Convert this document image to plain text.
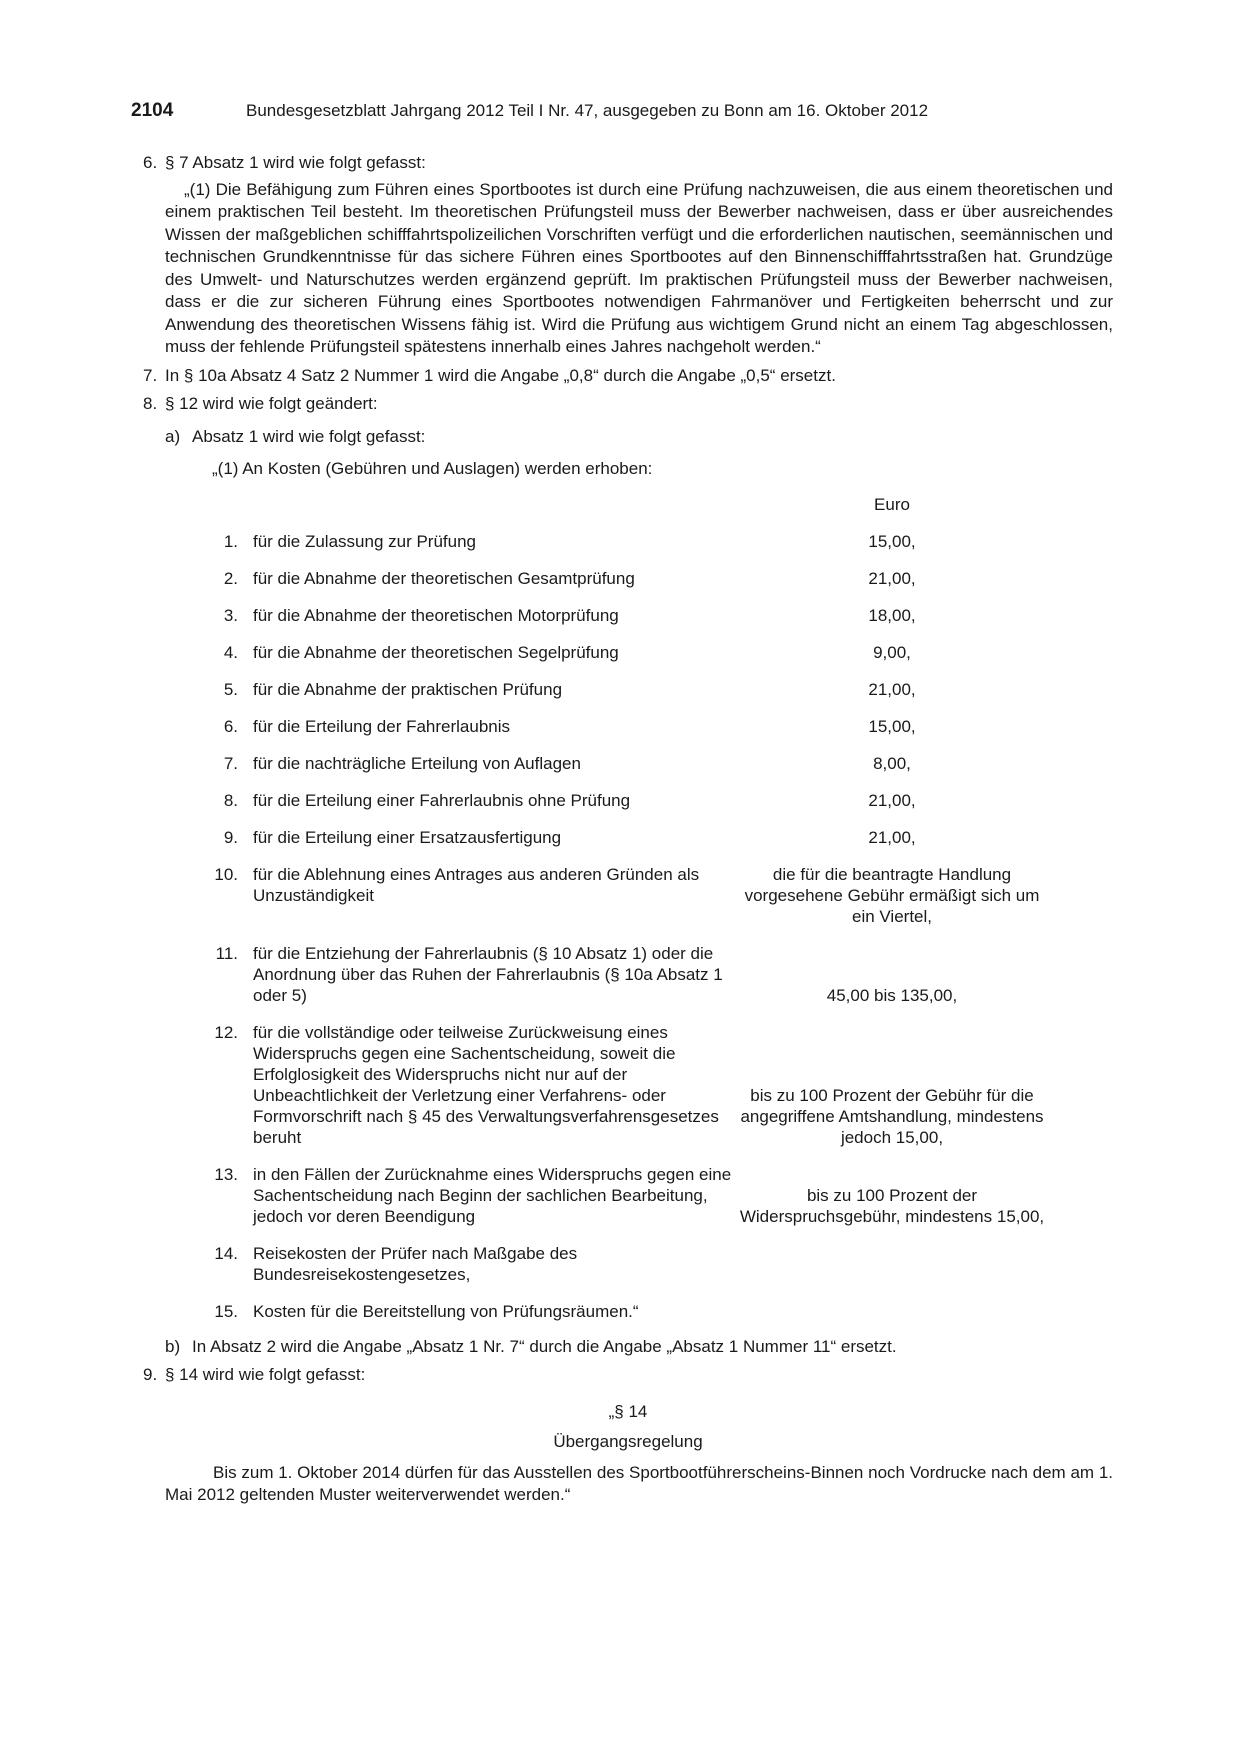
2104	Bundesgesetzblatt Jahrgang 2012 Teil I Nr. 47, ausgegeben zu Bonn am 16. Oktober 2012
6. § 7 Absatz 1 wird wie folgt gefasst:
„(1) Die Befähigung zum Führen eines Sportbootes ist durch eine Prüfung nachzuweisen, die aus einem theoretischen und einem praktischen Teil besteht. Im theoretischen Prüfungsteil muss der Bewerber nachweisen, dass er über ausreichendes Wissen der maßgeblichen schifffahrtspolizeilichen Vorschriften verfügt und die erforderlichen nautischen, seemännischen und technischen Grundkenntnisse für das sichere Führen eines Sportbootes auf den Binnenschifffahrtsstraßen hat. Grundzüge des Umwelt- und Naturschutzes werden ergänzend geprüft. Im praktischen Prüfungsteil muss der Bewerber nachweisen, dass er die zur sicheren Führung eines Sportbootes notwendigen Fahrmanöver und Fertigkeiten beherrscht und zur Anwendung des theoretischen Wissens fähig ist. Wird die Prüfung aus wichtigem Grund nicht an einem Tag abgeschlossen, muss der fehlende Prüfungsteil spätestens innerhalb eines Jahres nachgeholt werden.“
7. In § 10a Absatz 4 Satz 2 Nummer 1 wird die Angabe „0,8“ durch die Angabe „0,5“ ersetzt.
8. § 12 wird wie folgt geändert:
a) Absatz 1 wird wie folgt gefasst:
„(1) An Kosten (Gebühren und Auslagen) werden erhoben:
		Euro
1.	für die Zulassung zur Prüfung	15,00,
2.	für die Abnahme der theoretischen Gesamtprüfung	21,00,
3.	für die Abnahme der theoretischen Motorprüfung	18,00,
4.	für die Abnahme der theoretischen Segelprüfung	9,00,
5.	für die Abnahme der praktischen Prüfung	21,00,
6.	für die Erteilung der Fahrerlaubnis	15,00,
7.	für die nachträgliche Erteilung von Auflagen	8,00,
8.	für die Erteilung einer Fahrerlaubnis ohne Prüfung	21,00,
9.	für die Erteilung einer Ersatzausfertigung	21,00,
10.	für die Ablehnung eines Antrages aus anderen Gründen als Unzuständigkeit	die für die beantragte Handlung vorgesehene Gebühr ermäßigt sich um ein Viertel,
11.	für die Entziehung der Fahrerlaubnis (§ 10 Absatz 1) oder die Anordnung über das Ruhen der Fahrerlaubnis (§ 10a Absatz 1 oder 5)	45,00 bis 135,00,
12.	für die vollständige oder teilweise Zurückweisung eines Widerspruchs gegen eine Sachentscheidung, soweit die Erfolglosigkeit des Widerspruchs nicht nur auf der Unbeachtlichkeit der Verletzung einer Verfahrens- oder Formvorschrift nach § 45 des Verwaltungsverfahrensgesetzes beruht	bis zu 100 Prozent der Gebühr für die angegriffene Amtshandlung, mindestens jedoch 15,00,
13.	in den Fällen der Zurücknahme eines Widerspruchs gegen eine Sachentscheidung nach Beginn der sachlichen Bearbeitung, jedoch vor deren Beendigung	bis zu 100 Prozent der Widerspruchsgebühr, mindestens 15,00,
14.	Reisekosten der Prüfer nach Maßgabe des Bundesreisekostengesetzes,	
15.	Kosten für die Bereitstellung von Prüfungsräumen.“	
b) In Absatz 2 wird die Angabe „Absatz 1 Nr. 7“ durch die Angabe „Absatz 1 Nummer 11“ ersetzt.
9. § 14 wird wie folgt gefasst:
„§ 14
Übergangsregelung
Bis zum 1. Oktober 2014 dürfen für das Ausstellen des Sportbootführerscheins-Binnen noch Vordrucke nach dem am 1. Mai 2012 geltenden Muster weiterverwendet werden.“
